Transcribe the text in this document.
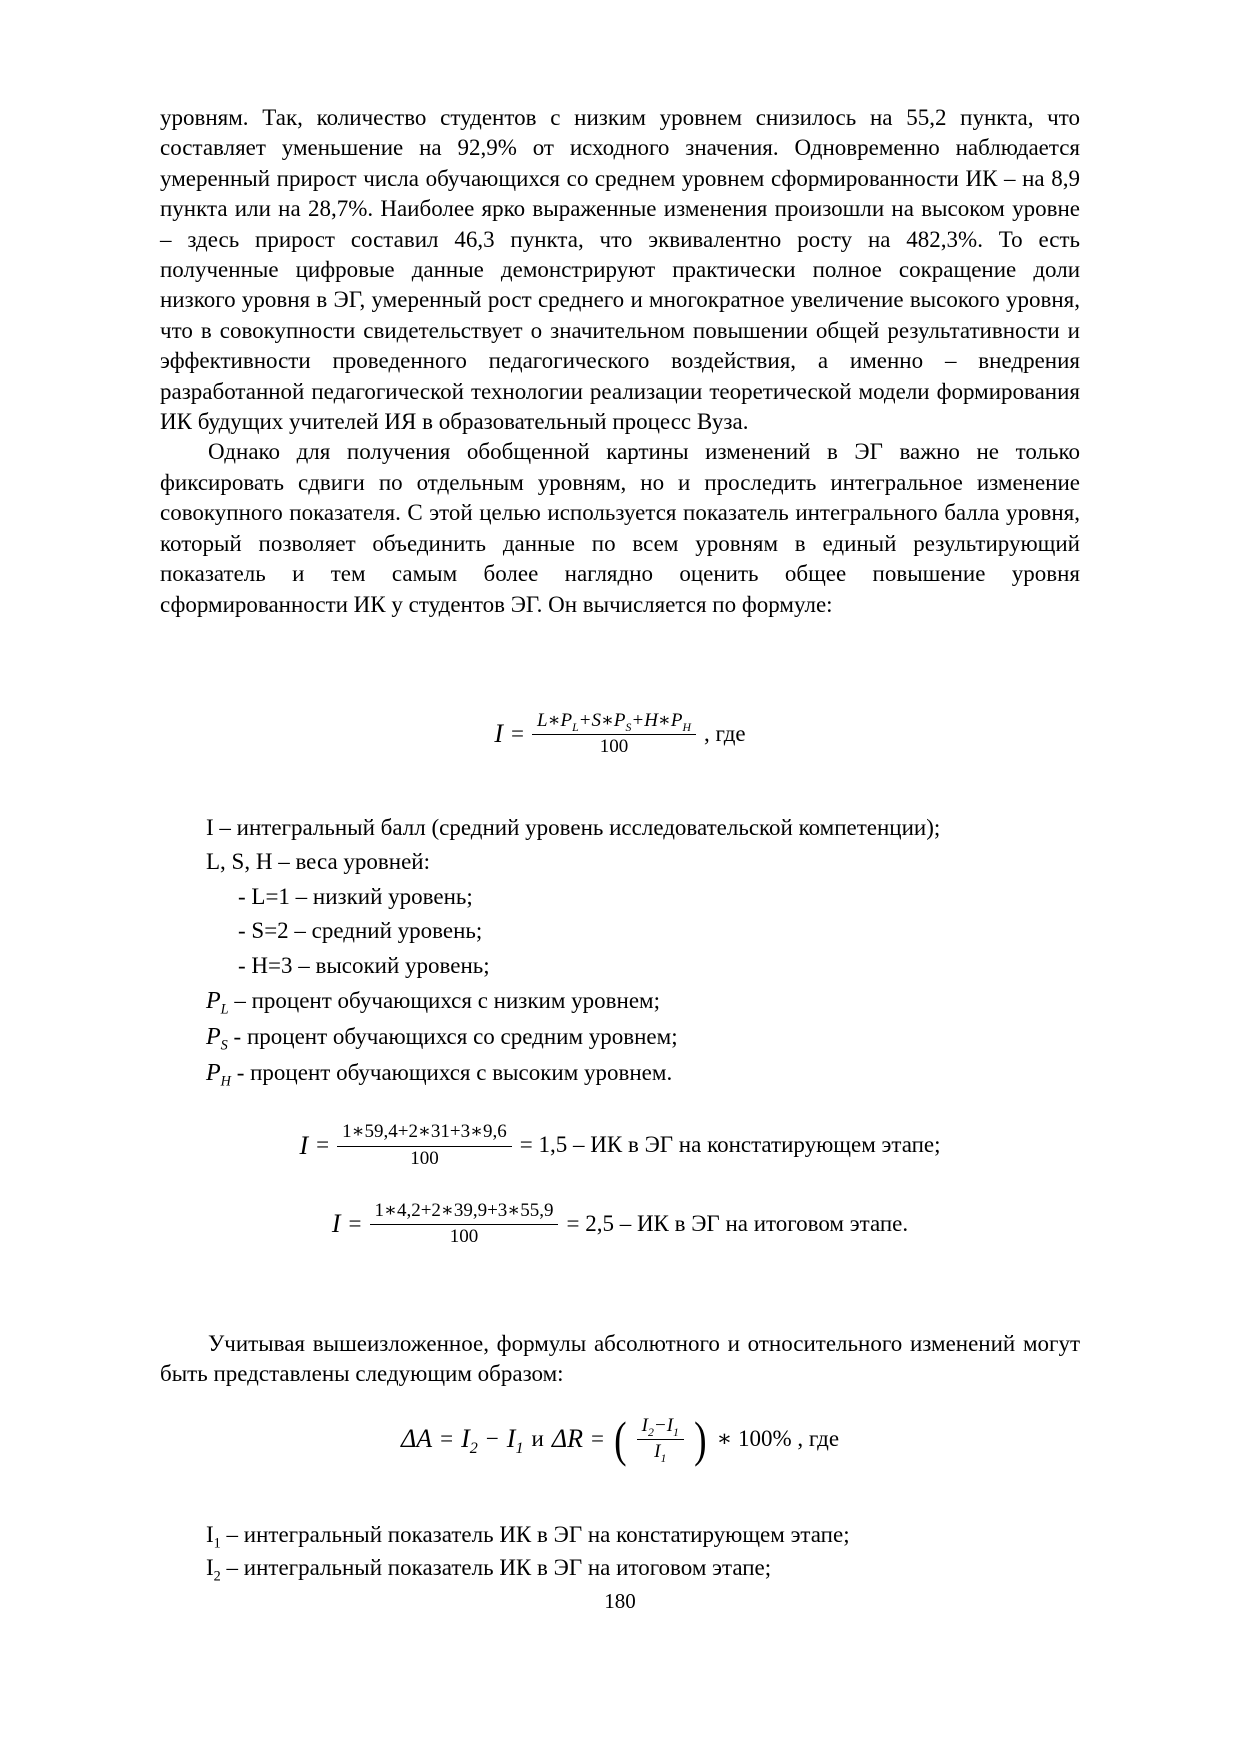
уровням. Так, количество студентов с низким уровнем снизилось на 55,2 пункта, что составляет уменьшение на 92,9% от исходного значения. Одновременно наблюдается умеренный прирост числа обучающихся со среднем уровнем сформированности ИК – на 8,9 пункта или на 28,7%. Наиболее ярко выраженные изменения произошли на высоком уровне – здесь прирост составил 46,3 пункта, что эквивалентно росту на 482,3%. То есть полученные цифровые данные демонстрируют практически полное сокращение доли низкого уровня в ЭГ, умеренный рост среднего и многократное увеличение высокого уровня, что в совокупности свидетельствует о значительном повышении общей результативности и эффективности проведенного педагогического воздействия, а именно – внедрения разработанной педагогической технологии реализации теоретической модели формирования ИК будущих учителей ИЯ в образовательный процесс Вуза.

Однако для получения обобщенной картины изменений в ЭГ важно не только фиксировать сдвиги по отдельным уровням, но и проследить интегральное изменение совокупного показателя. С этой целью используется показатель интегрального балла уровня, который позволяет объединить данные по всем уровням в единый результирующий показатель и тем самым более наглядно оценить общее повышение уровня сформированности ИК у студентов ЭГ. Он вычисляется по формуле:

$I = \frac{L∗P_L+S∗P_S+H∗P_H}{100}$ , где
I – интегральный балл (средний уровень исследовательской компетенции);
L, S, H – веса уровней:
- L=1 – низкий уровень;
- S=2 – средний уровень;
- H=3 – высокий уровень;
$P_L$ – процент обучающихся с низким уровнем;
$P_S$ - процент обучающихся со средним уровнем;
$P_H$ - процент обучающихся с высоким уровнем.
$I = \frac{1∗59,4+2∗31+3∗9,6}{100} = 1,5$ – ИК в ЭГ на констатирующем этапе;
$I = \frac{1∗4,2+2∗39,9+3∗55,9}{100} = 2,5$ – ИК в ЭГ на итоговом этапе.

Учитывая вышеизложенное, формулы абсолютного и относительного изменений могут быть представлены следующим образом:

$\Delta A = I_2 - I_1$ и ΔR = ( $\frac{I_2-I_1}{I_1}$ ) ∗ 100% , где
$I_1$ – интегральный показатель ИК в ЭГ на констатирующем этапе;
$I_2$ – интегральный показатель ИК в ЭГ на итоговом этапе;
180
